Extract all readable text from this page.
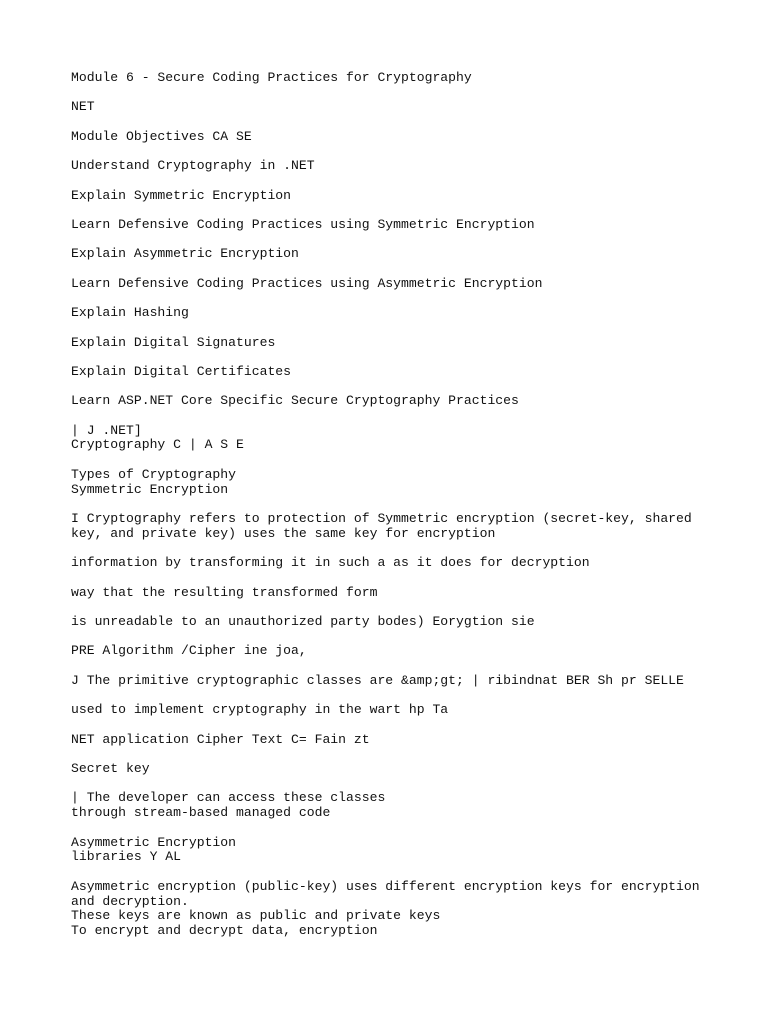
Module 6 - Secure Coding Practices for Cryptography
NET
Module Objectives CA SE
Understand Cryptography in .NET
Explain Symmetric Encryption
Learn Defensive Coding Practices using Symmetric Encryption
Explain Asymmetric Encryption
Learn Defensive Coding Practices using Asymmetric Encryption
Explain Hashing
Explain Digital Signatures
Explain Digital Certificates
Learn ASP.NET Core Specific Secure Cryptography Practices
| J .NET]
Cryptography C | A S E
Types of Cryptography
Symmetric Encryption
I Cryptography refers to protection of Symmetric encryption (secret-key, shared
key, and private key) uses the same key for encryption
information by transforming it in such a as it does for decryption
way that the resulting transformed form
is unreadable to an unauthorized party bodes) Eorygtion sie
PRE Algorithm /Cipher ine joa,
J The primitive cryptographic classes are &amp;gt; | ribindnat BER Sh pr SELLE
used to implement cryptography in the wart hp Ta
NET application Cipher Text C= Fain zt
Secret key
| The developer can access these classes
through stream-based managed code
Asymmetric Encryption
libraries Y AL
Asymmetric encryption (public-key) uses different encryption keys for encryption
and decryption.
These keys are known as public and private keys
To encrypt and decrypt data, encryption
